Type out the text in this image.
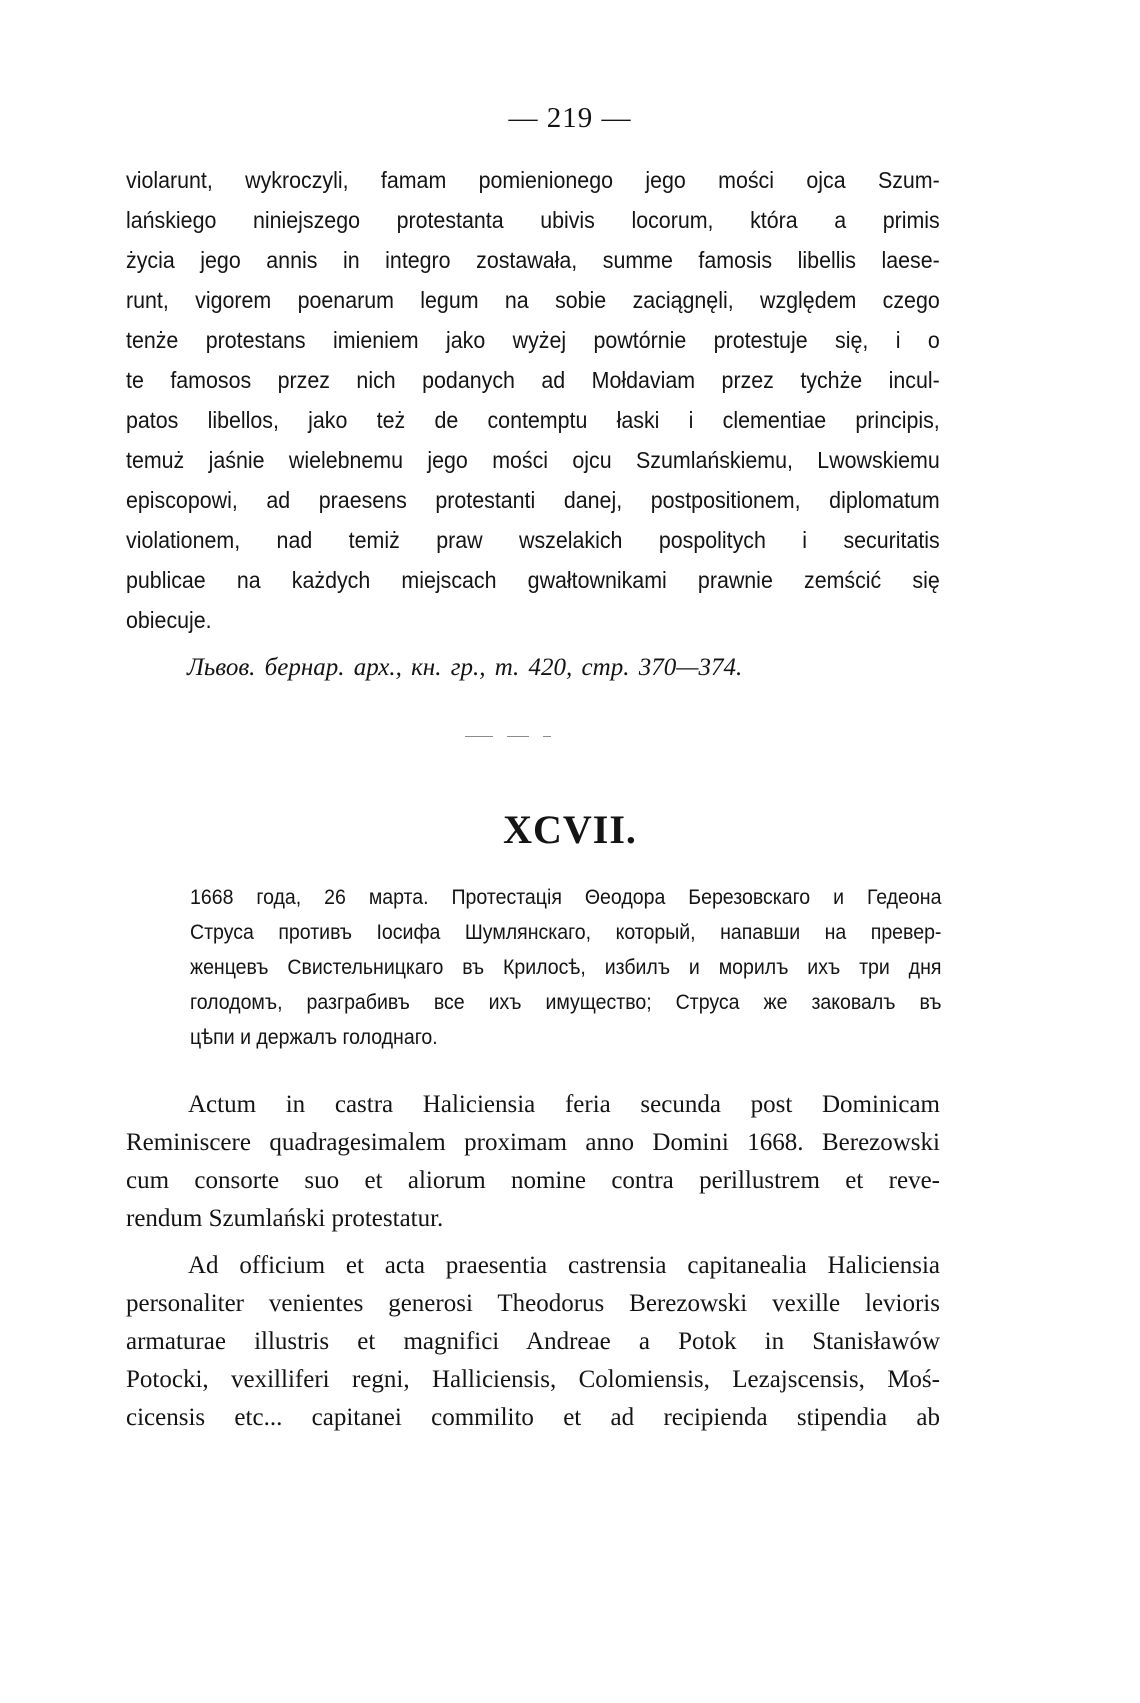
— 219 —
violarunt, wykroczyli, famam pomienionego jego mości ojca Szum-
lańskiego niniejszego protestanta ubivis locorum, która a primis
życia jego annis in integro zostawała, summe famosis libellis laese-
runt, vigorem poenarum legum na sobie zaciągnęli, względem czego
tenże protestans imieniem jako wyżej powtórnie protestuje się, i o
te famosos przez nich podanych ad Mołdaviam przez tychże incul-
patos libellos, jako też de contemptu łaski i clementiae principis,
temuż jaśnie wielebnemu jego mości ojcu Szumlańskiemu, Lwowskiemu
episcopowi, ad praesens protestanti danej, postpositionem, diplomatum
violationem, nad temiż praw wszelakich pospolitych i securitatis
publicae na każdych miejscach gwałtownikami prawnie zemścić się
obiecuje.
Львов. бернар. арх., кн. гр., т. 420, стр. 370—374.
XCVII.
1668 года, 26 марта. Протестація Θеодора Березовскаго и Гедеона
Струса противъ Іосифа Шумлянскаго, который, напавши на превер-
женцевъ Свистельницкаго въ Крилосѣ, избилъ и морилъ ихъ три дня
голодомъ, разграбивъ все ихъ имущество; Струса же заковалъ въ
цѣпи и держалъ голоднаго.
Actum in castra Haliciensia feria secunda post Dominicam
Reminiscere quadragesimalem proximam anno Domini 1668. Berezowski
cum consorte suo et aliorum nomine contra perillustrem et reve-
rendum Szumlański protestatur.
Ad officium et acta praesentia castrensia capitanealia Haliciensia
personaliter venientes generosi Theodorus Berezowski vexille levioris
armaturae illustris et magnifici Andreae a Potok in Stanisławów
Potocki, vexilliferi regni, Halliciensis, Colomiensis, Lezajscensis, Moś-
cicensis etc... capitanei commilito et ad recipienda stipendia ab
